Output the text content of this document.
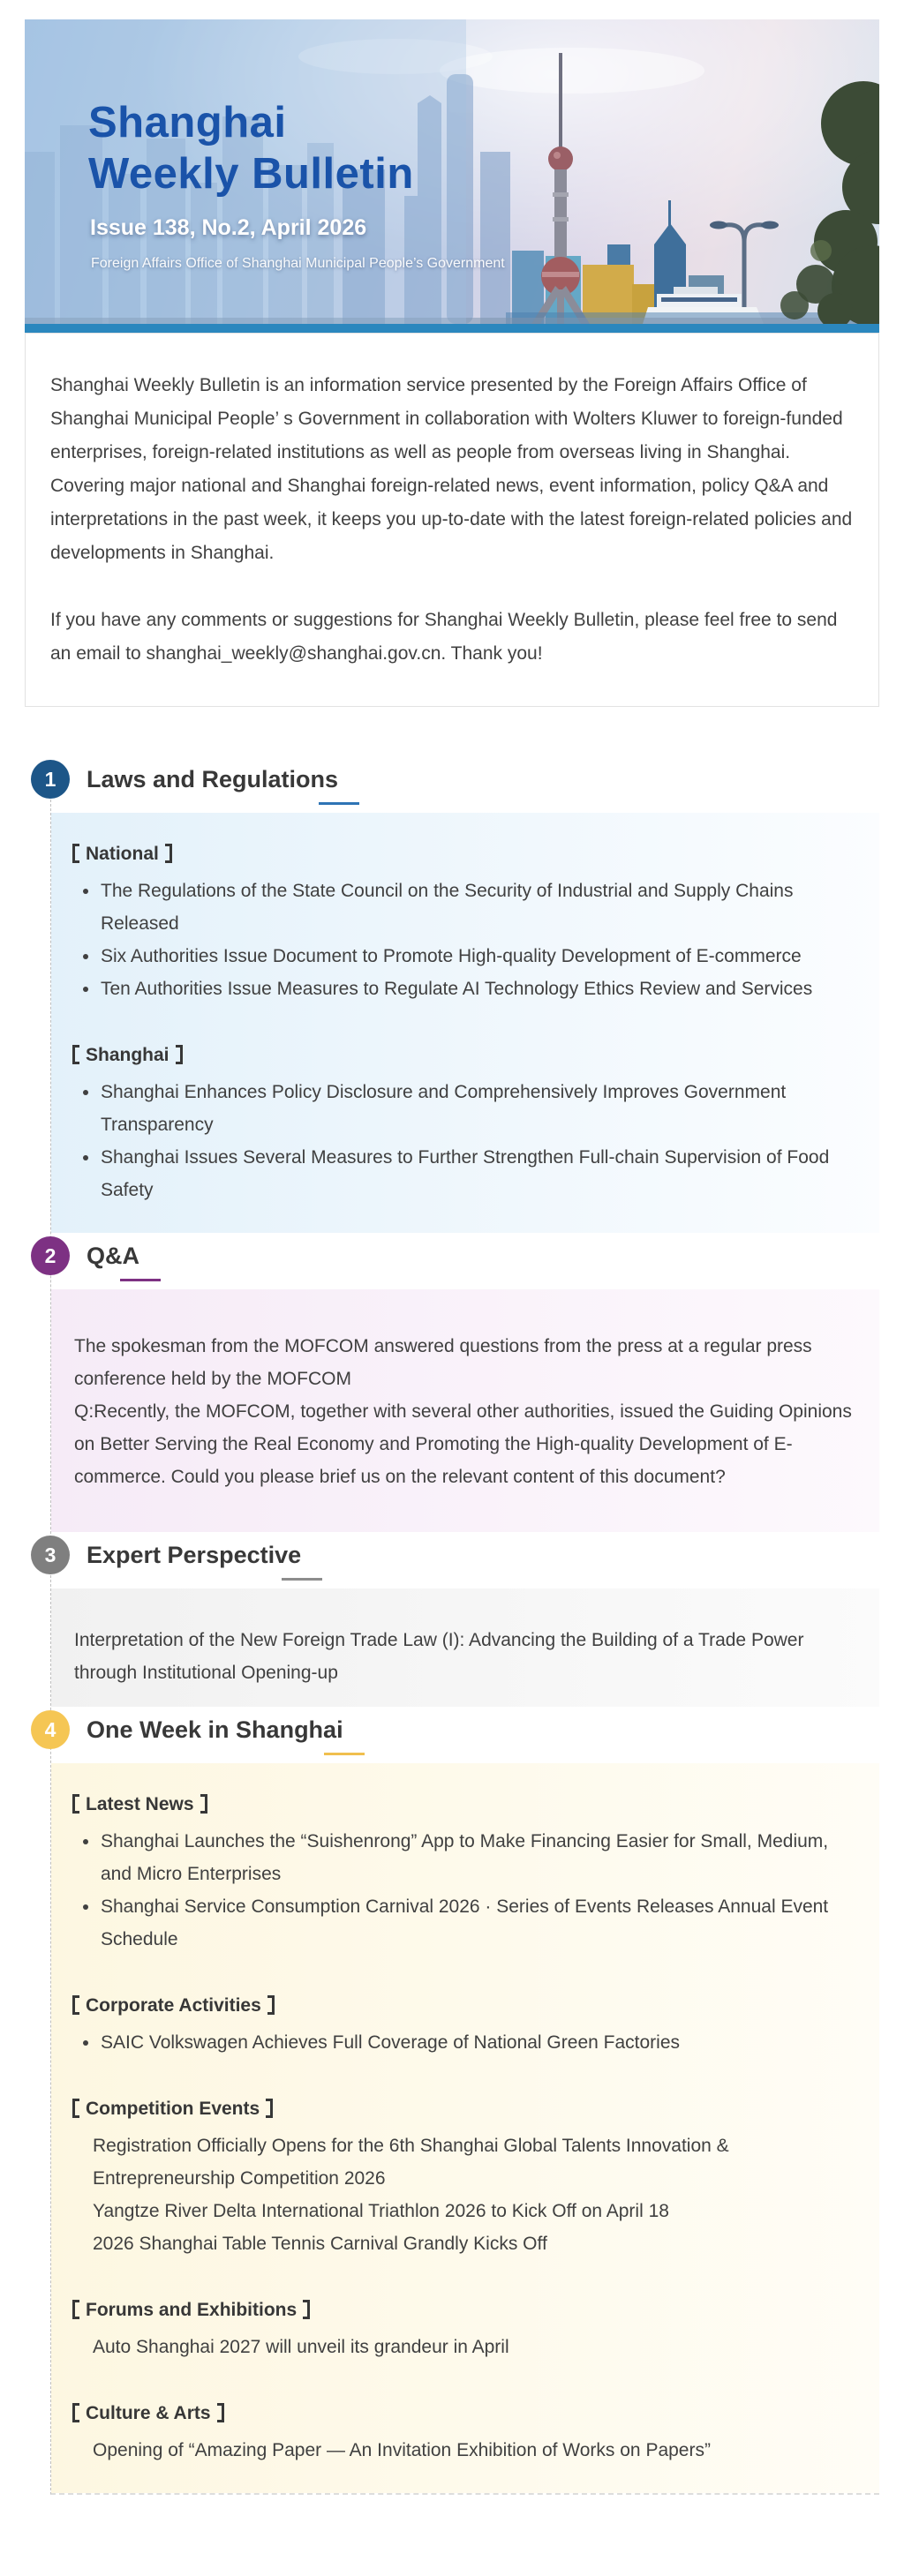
Shanghai
Weekly Bulletin
Issue 138, No.2, April 2026
Foreign Affairs Office of Shanghai Municipal People’s Government

Shanghai Weekly Bulletin is an information service presented by the Foreign Affairs Office of Shanghai Municipal People’ s Government in collaboration with Wolters Kluwer to foreign-funded enterprises, foreign-related institutions as well as people from overseas living in Shanghai. Covering major national and Shanghai foreign-related news, event information, policy Q&A and interpretations in the past week, it keeps you up-to-date with the latest foreign-related policies and developments in Shanghai.

If you have any comments or suggestions for Shanghai Weekly Bulletin, please feel free to send an email to shanghai_weekly@shanghai.gov.cn. Thank you!

1	Laws and Regulations
National
• The Regulations of the State Council on the Security of Industrial and Supply Chains Released
• Six Authorities Issue Document to Promote High-quality Development of E-commerce
• Ten Authorities Issue Measures to Regulate AI Technology Ethics Review and Services
Shanghai
• Shanghai Enhances Policy Disclosure and Comprehensively Improves Government Transparency
• Shanghai Issues Several Measures to Further Strengthen Full-chain Supervision of Food Safety
2	Q&A

The spokesman from the MOFCOM answered questions from the press at a regular press conference held by the MOFCOM

Q:Recently, the MOFCOM, together with several other authorities, issued the Guiding Opinions on Better Serving the Real Economy and Promoting the High-quality Development of E-commerce. Could you please brief us on the relevant content of this document?

3	Expert Perspective

Interpretation of the New Foreign Trade Law (I): Advancing the Building of a Trade Power through Institutional Opening-up

4	One Week in Shanghai
Latest News
• Shanghai Launches the “Suishenrong” App to Make Financing Easier for Small, Medium, and Micro Enterprises
• Shanghai Service Consumption Carnival 2026 · Series of Events Releases Annual Event Schedule
Corporate Activities
• SAIC Volkswagen Achieves Full Coverage of National Green Factories
Competition Events
Registration Officially Opens for the 6th Shanghai Global Talents Innovation & Entrepreneurship Competition 2026
Yangtze River Delta International Triathlon 2026 to Kick Off on April 18
2026 Shanghai Table Tennis Carnival Grandly Kicks Off
Forums and Exhibitions
Auto Shanghai 2027 will unveil its grandeur in April
Culture & Arts
Opening of “Amazing Paper — An Invitation Exhibition of Works on Papers”
